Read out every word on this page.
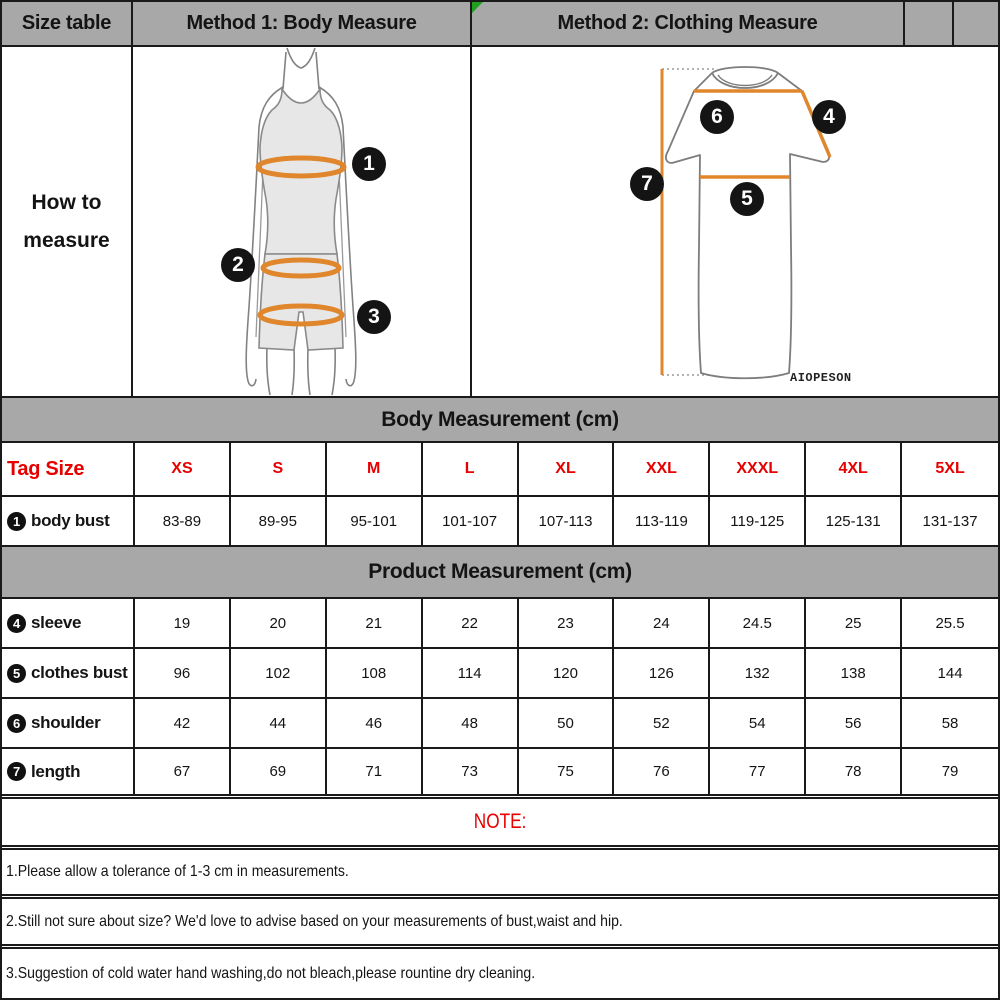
Size table	Method 1: Body Measure	Method 2: Clothing Measure
How to
measure
1
2
3
6	4
7
5
AIOPESON
Body Measurement (cm)
Tag Size	XS	S	M	L	XL	XXL	XXXL	4XL	5XL
1 body bust	83-89	89-95	95-101	101-107	107-113	113-119	119-125	125-131	131-137
Product Measurement (cm)
4 sleeve	19	20	21	22	23	24	24.5	25	25.5
5 clothes bust	96	102	108	114	120	126	132	138	144
6 shoulder	42	44	46	48	50	52	54	56	58
7 length	67	69	71	73	75	76	77	78	79
NOTE:
1.Please allow a tolerance of 1-3 cm in measurements.
2.Still not sure about size? We'd love to advise based on your measurements of bust,waist and hip.
3.Suggestion of cold water hand washing,do not bleach,please rountine dry cleaning.
